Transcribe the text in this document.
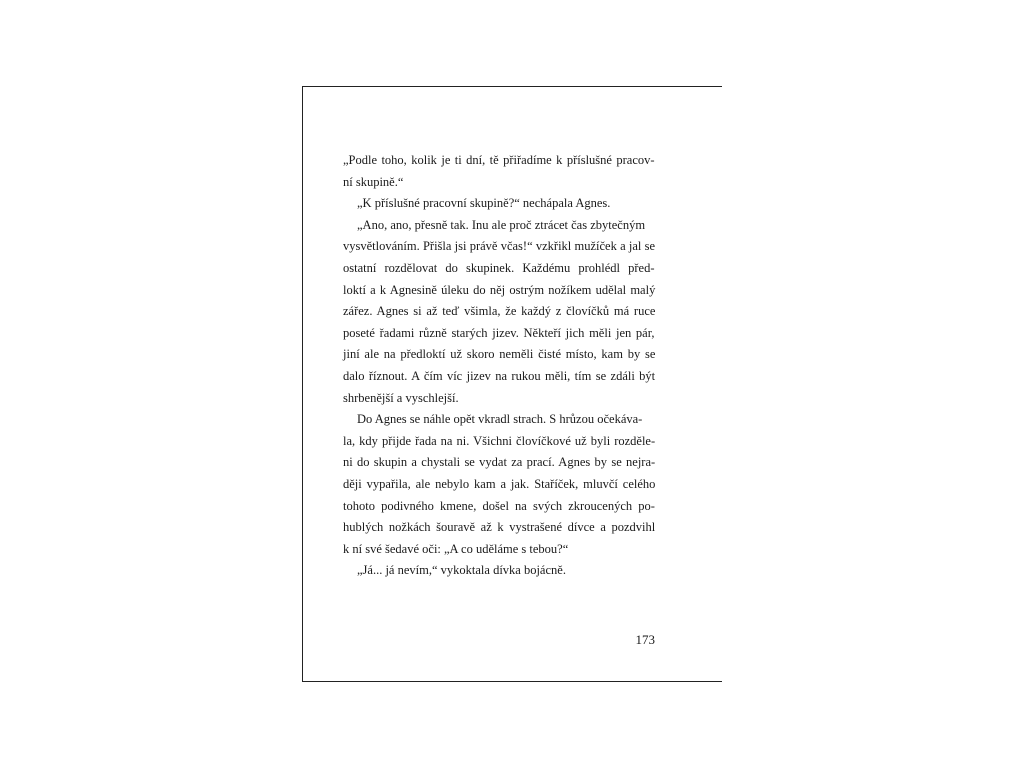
„Podle toho, kolik je ti dní, tě přiřadíme k příslušné pracov-
ní skupině.“
„K příslušné pracovní skupině?“ nechápala Agnes.
„Ano, ano, přesně tak. Inu ale proč ztrácet čas zbytečným
vysvětlováním. Přišla jsi právě včas!“ vzkřikl mužíček a jal se
ostatní rozdělovat do skupinek. Každému prohlédl před-
loktí a k Agnesině úleku do něj ostrým nožíkem udělal malý
zářez. Agnes si až teď všimla, že každý z človíčků má ruce
poseté řadami různě starých jizev. Někteří jich měli jen pár,
jiní ale na předloktí už skoro neměli čisté místo, kam by se
dalo říznout. A čím víc jizev na rukou měli, tím se zdáli být
shrbenější a vyschlejší.
Do Agnes se náhle opět vkradl strach. S hrůzou očekáva-
la, kdy přijde řada na ni. Všichni človíčkové už byli rozděle-
ni do skupin a chystali se vydat za prací. Agnes by se nejra-
ději vypařila, ale nebylo kam a jak. Staříček, mluvčí celého
tohoto podivného kmene, došel na svých zkroucených po-
hublých nožkách šouravě až k vystrašené dívce a pozdvihl
k ní své šedavé oči: „A co uděláme s tebou?“
„Já... já nevím,“ vykoktala dívka bojácně.
173
